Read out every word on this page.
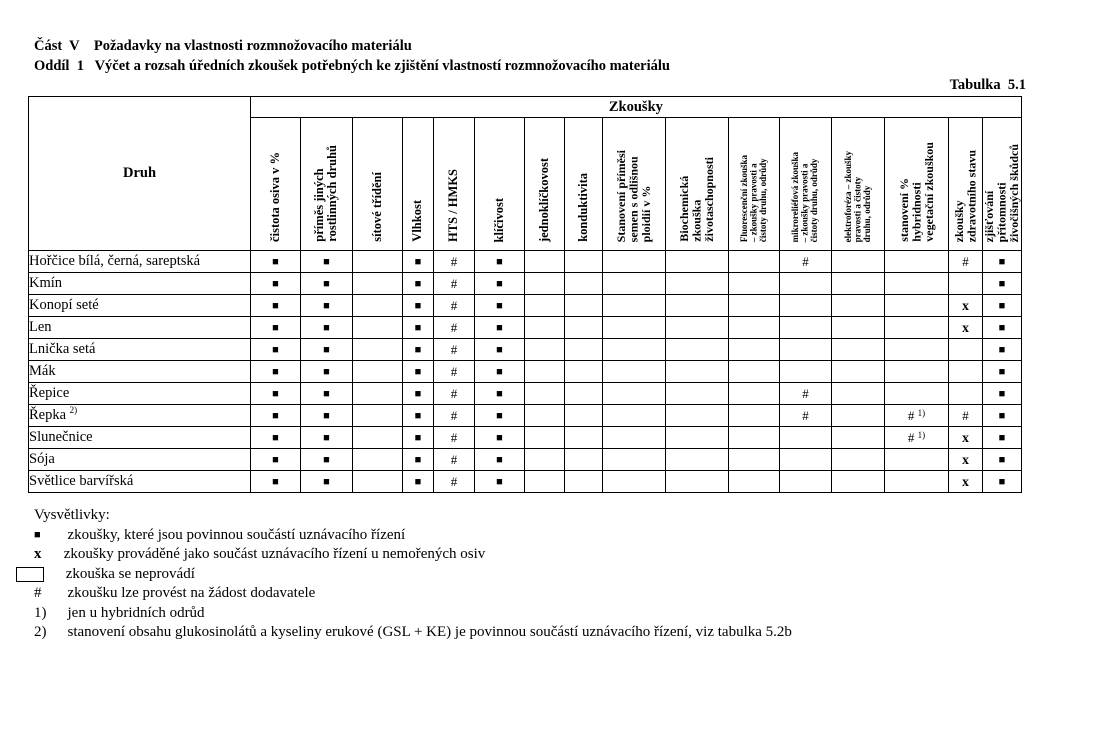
Část  V    Požadavky na vlastnosti rozmnožovacího materiálu
Oddíl  1   Výčet a rozsah úředních zkoušek potřebných ke zjištění vlastností rozmnožovacího materiálu
Tabulka  5.1
Druh	Zkoušky															
	čistota osiva v %	příměs jiných
rostlinných druhů	sítové třídění	Vlhkost	HTS / HMKS	klíčivost	jednoklíčkovost	konduktivita	Stanovení příměsi
semen s odlišnou
ploidií v %	Biochemická
zkouška
životaschopnosti	Fluorescenční zkouška
– zkoušky pravosti a
čistoty druhu, odrůdy	mikroreliéfová zkouška
– zkoušky pravosti a
čistoty druhu, odrůdy	elektroforéza – zkoušky
pravosti a čistoty
druhu, odrůdy	stanovení %
hybridnosti
vegetační zkouškou	zkoušky
zdravotního stavu	zjišťování
přítomnosti
živočišných škůdců
Hořčice bílá, černá, sareptská	■	■		■	#	■						#			#	■
Kmín	■	■		■	#	■										■
Konopí seté	■	■		■	#	■									x	■
Len	■	■		■	#	■									x	■
Lnička setá	■	■		■	#	■										■
Mák	■	■		■	#	■										■
Řepice	■	■		■	#	■						#				■
Řepka $^{2)}$	■	■		■	#	■						#		# $^{1)}$	#	■
Slunečnice	■	■		■	#	■								# $^{1)}$	x	■
Sója	■	■		■	#	■									x	■
Světlice barvířská	■	■		■	#	■									x	■
Vysvětlivky:
■	zkoušky, které jsou povinnou součástí uznávacího řízení
x	zkoušky prováděné jako součást uznávacího řízení u nemořených osiv
zkouška se neprovádí
#	zkoušku lze provést na žádost dodavatele
1) jen u hybridních odrůd
2) stanovení obsahu glukosinolátů a kyseliny erukové (GSL + KE) je povinnou součástí uznávacího řízení, viz tabulka 5.2b
